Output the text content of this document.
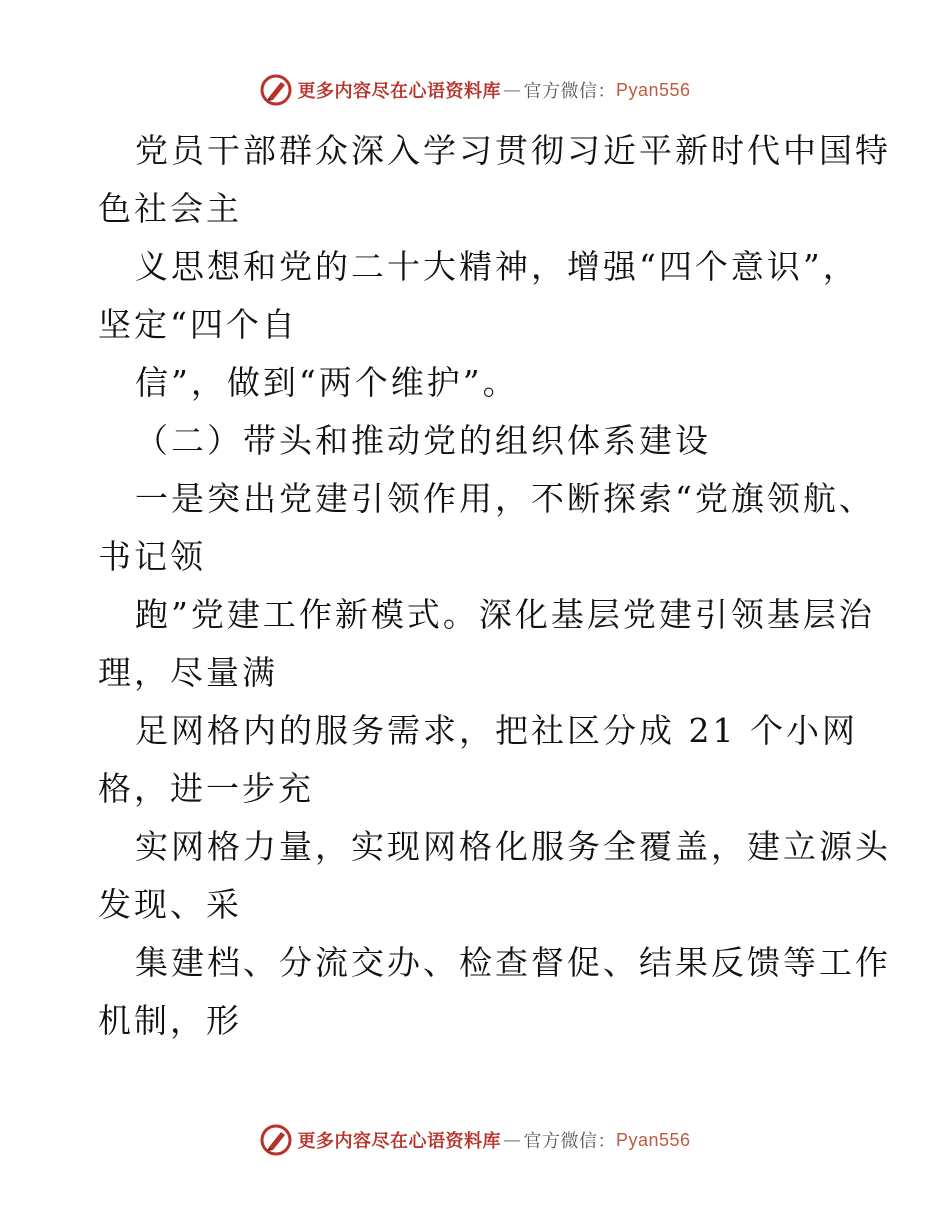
更多内容尽在心语资料库 — 官方微信： Pyan556
党员干部群众深入学习贯彻习近平新时代中国特
色社会主
义思想和党的二十大精神，增强“四个意识”，
坚定“四个自
信”，做到“两个维护”。
（二）带头和推动党的组织体系建设
一是突出党建引领作用，不断探索“党旗领航、
书记领
跑”党建工作新模式。深化基层党建引领基层治
理，尽量满
足网格内的服务需求，把社区分成 21 个小网
格，进一步充
实网格力量，实现网格化服务全覆盖，建立源头
发现、采
集建档、分流交办、检查督促、结果反馈等工作
机制，形
更多内容尽在心语资料库 — 官方微信： Pyan556
